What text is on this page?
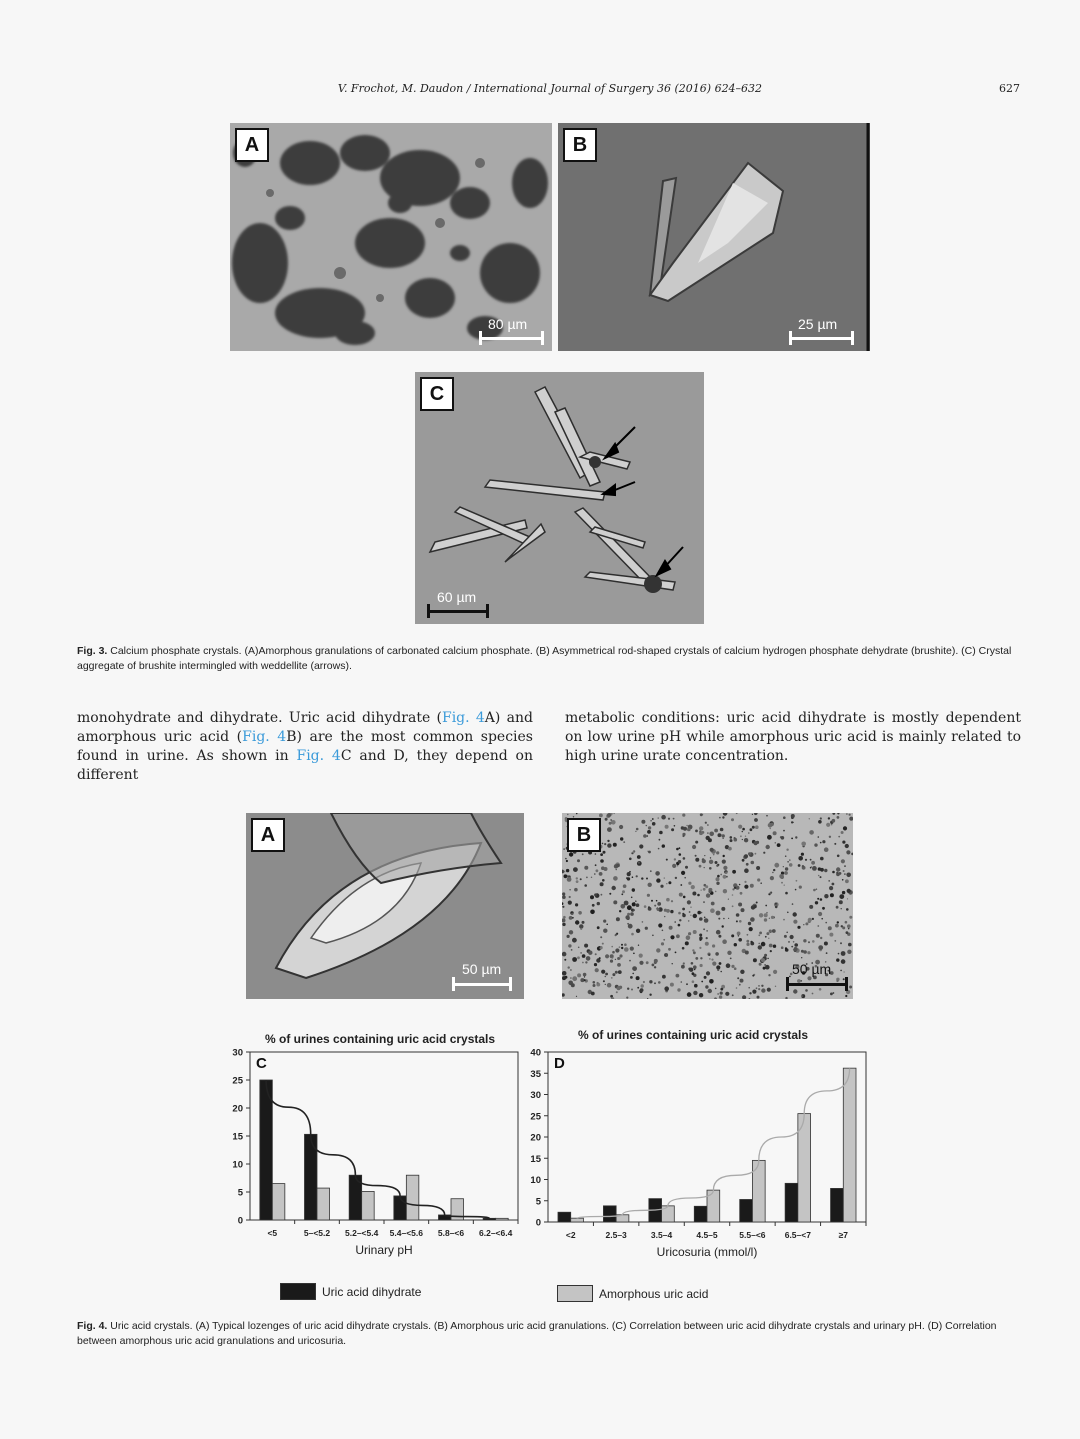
V. Frochot, M. Daudon / International Journal of Surgery 36 (2016) 624–632	627
A
80 µm
B
25 µm
C
60 µm
Fig. 3. Calcium phosphate crystals. (A)Amorphous granulations of carbonated calcium phosphate. (B) Asymmetrical rod-shaped crystals of calcium hydrogen phosphate dehydrate (brushite). (C) Crystal aggregate of brushite intermingled with weddellite (arrows).
monohydrate and dihydrate. Uric acid dihydrate (Fig. 4A) and amorphous uric acid (Fig. 4B) are the most common species found in urine. As shown in Fig. 4C and D, they depend on different
metabolic conditions: uric acid dihydrate is mostly dependent on low urine pH while amorphous uric acid is mainly related to high urine urate concentration.
A
50 µm
B
50 µm
% of urines containing uric acid crystals	% of urines containing uric acid crystals
0
5
10
15
20
25
30
<5	5–<5.2 5.2–<5.4 5.4–<5.6 5.8–<6 6.2–<6.4
Urinary pH
C
0
5
10
15
20
25
30
35
40
<2	2.5–3	3.5–4	4.5–5	5.5–<6 6.5–<7	≥7
Uricosuria (mmol/l)
D
Uric acid dihydrate	Amorphous uric acid
Fig. 4. Uric acid crystals. (A) Typical lozenges of uric acid dihydrate crystals. (B) Amorphous uric acid granulations. (C) Correlation between uric acid dihydrate crystals and urinary pH. (D) Correlation between amorphous uric acid granulations and uricosuria.
